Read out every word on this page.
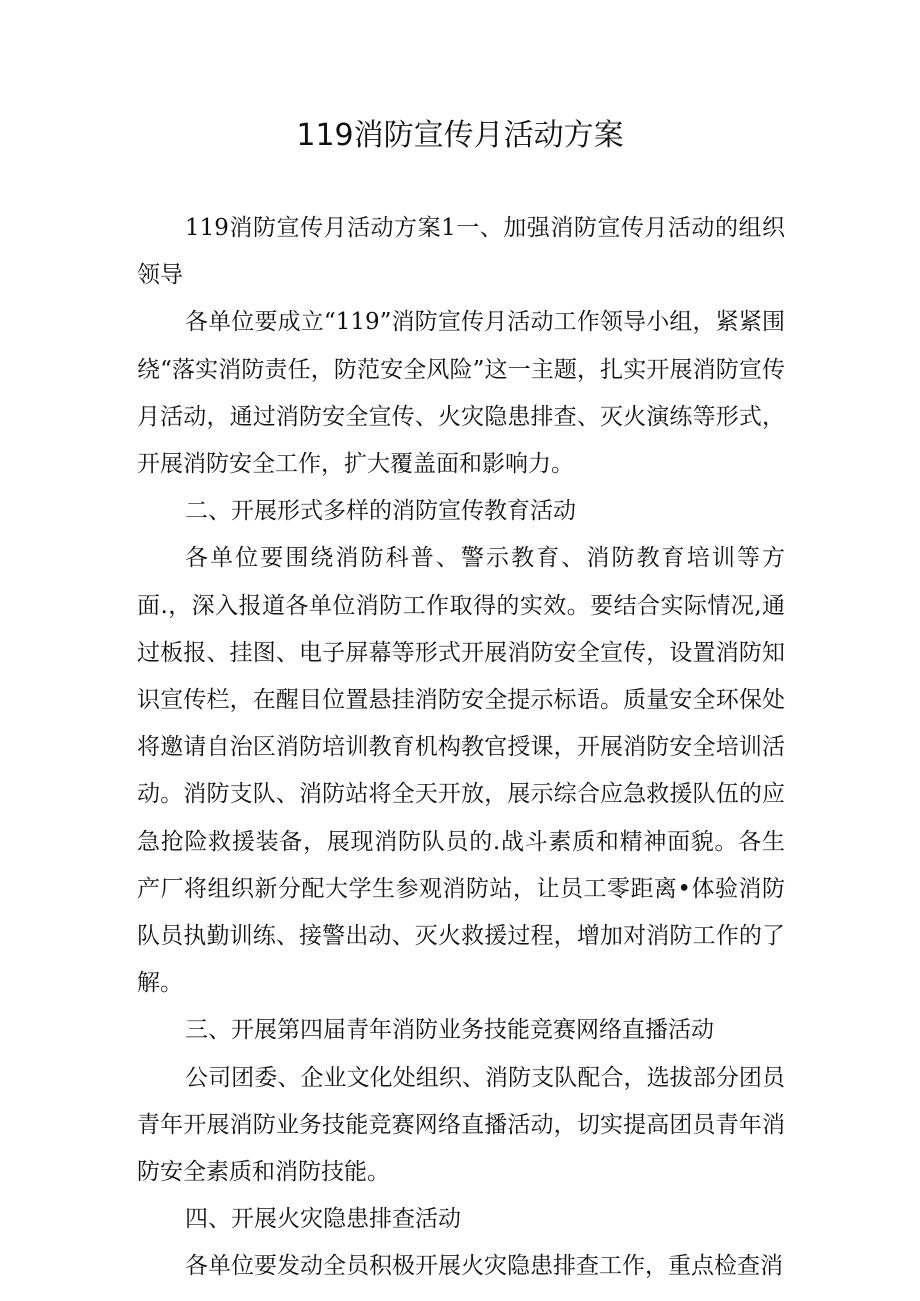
119消防宣传月活动方案

119消防宣传月活动方案1一、加强消防宣传月活动的组织领导

各单位要成立“119”消防宣传月活动工作领导小组，紧紧围绕“落实消防责任，防范安全风险”这一主题，扎实开展消防宣传月活动，通过消防安全宣传、火灾隐患排查、灭火演练等形式，开展消防安全工作，扩大覆盖面和影响力。

二、开展形式多样的消防宣传教育活动

各单位要围绕消防科普、警示教育、消防教育培训等方面.，深入报道各单位消防工作取得的实效。要结合实际情况,通过板报、挂图、电子屏幕等形式开展消防安全宣传，设置消防知识宣传栏，在醒目位置悬挂消防安全提示标语。质量安全环保处将邀请自治区消防培训教育机构教官授课，开展消防安全培训活动。消防支队、消防站将全天开放，展示综合应急救援队伍的应急抢险救援装备，展现消防队员的.战斗素质和精神面貌。各生产厂将组织新分配大学生参观消防站，让员工零距离•体验消防队员执勤训练、接警出动、灭火救援过程，增加对消防工作的了解。

三、开展第四届青年消防业务技能竞赛网络直播活动

公司团委、企业文化处组织、消防支队配合，选拔部分团员青年开展消防业务技能竞赛网络直播活动，切实提高团员青年消防安全素质和消防技能。

四、开展火灾隐患排查活动

各单位要发动全员积极开展火灾隐患排查工作，重点检查消
